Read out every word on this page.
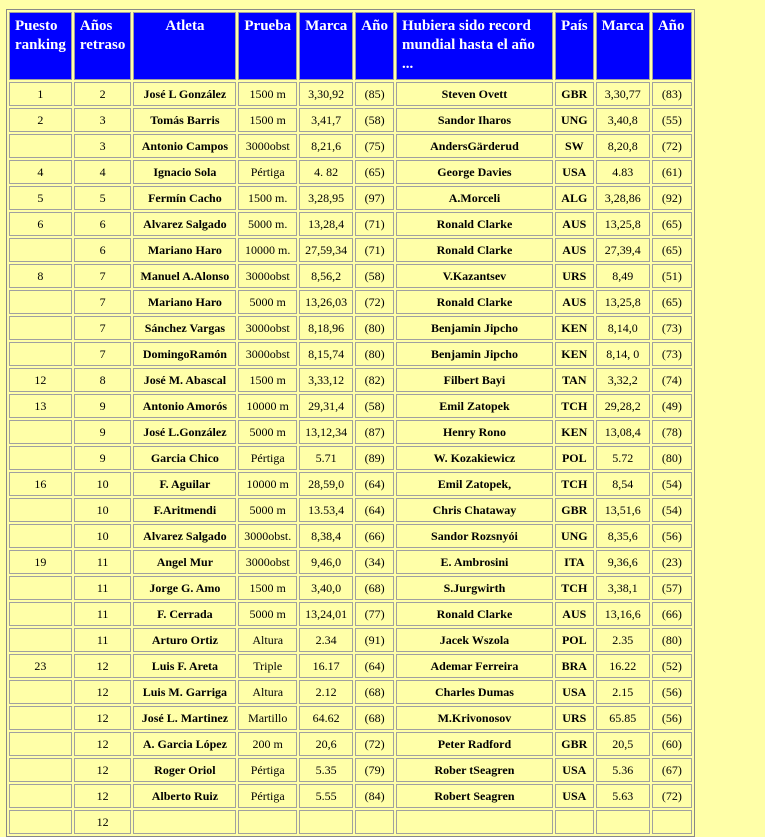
Puesto ranking	Años retraso	Atleta	Prueba	Marca	Año	Hubiera sido record mundial hasta el año ...	País	Marca	Año
1	2	José L González	1500 m	3,30,92	(85)	Steven Ovett	GBR	3,30,77	(83)
2	3	Tomás Barris	1500 m	3,41,7	(58)	Sandor Iharos	UNG	3,40,8	(55)
	3	Antonio Campos	3000obst	8,21,6	(75)	AndersGärderud	SW	8,20,8	(72)
4	4	Ignacio Sola	Pértiga	4. 82	(65)	George Davies	USA	4.83	(61)
5	5	Fermín Cacho	1500 m.	3,28,95	(97)	A.Morceli	ALG	3,28,86	(92)
6	6	Alvarez Salgado	5000 m.	13,28,4	(71)	Ronald Clarke	AUS	13,25,8	(65)
	6	Mariano Haro	10000 m.	27,59,34	(71)	Ronald Clarke	AUS	27,39,4	(65)
8	7	Manuel A.Alonso	3000obst	8,56,2	(58)	V.Kazantsev	URS	8,49	(51)
	7	Mariano Haro	5000 m	13,26,03	(72)	Ronald Clarke	AUS	13,25,8	(65)
	7	Sánchez Vargas	3000obst	8,18,96	(80)	Benjamin Jipcho	KEN	8,14,0	(73)
	7	DomingoRamón	3000obst	8,15,74	(80)	Benjamin Jipcho	KEN	8,14, 0	(73)
12	8	José M. Abascal	1500 m	3,33,12	(82)	Filbert Bayi	TAN	3,32,2	(74)
13	9	Antonio Amorós	10000 m	29,31,4	(58)	Emil Zatopek	TCH	29,28,2	(49)
	9	José L.González	5000 m	13,12,34	(87)	Henry Rono	KEN	13,08,4	(78)
	9	Garcia Chico	Pértiga	5.71	(89)	W. Kozakiewicz	POL	5.72	(80)
16	10	F. Aguilar	10000 m	28,59,0	(64)	Emil Zatopek,	TCH	8,54	(54)
	10	F.Aritmendi	5000 m	13.53,4	(64)	Chris Chataway	GBR	13,51,6	(54)
	10	Alvarez Salgado	3000obst.	8,38,4	(66)	Sandor Rozsnyói	UNG	8,35,6	(56)
19	11	Angel Mur	3000obst	9,46,0	(34)	E. Ambrosini	ITA	9,36,6	(23)
	11	Jorge G. Amo	1500 m	3,40,0	(68)	S.Jurgwirth	TCH	3,38,1	(57)
	11	F. Cerrada	5000 m	13,24,01	(77)	Ronald Clarke	AUS	13,16,6	(66)
	11	Arturo Ortiz	Altura	2.34	(91)	Jacek Wszola	POL	2.35	(80)
23	12	Luis F. Areta	Triple	16.17	(64)	Ademar Ferreira	BRA	16.22	(52)
	12	Luis M. Garriga	Altura	2.12	(68)	Charles Dumas	USA	2.15	(56)
	12	José L. Martinez	Martillo	64.62	(68)	M.Krivonosov	URS	65.85	(56)
	12	A. Garcia López	200 m	20,6	(72)	Peter Radford	GBR	20,5	(60)
	12	Roger Oriol	Pértiga	5.35	(79)	Rober tSeagren	USA	5.36	(67)
	12	Alberto Ruiz	Pértiga	5.55	(84)	Robert Seagren	USA	5.63	(72)
	12								
